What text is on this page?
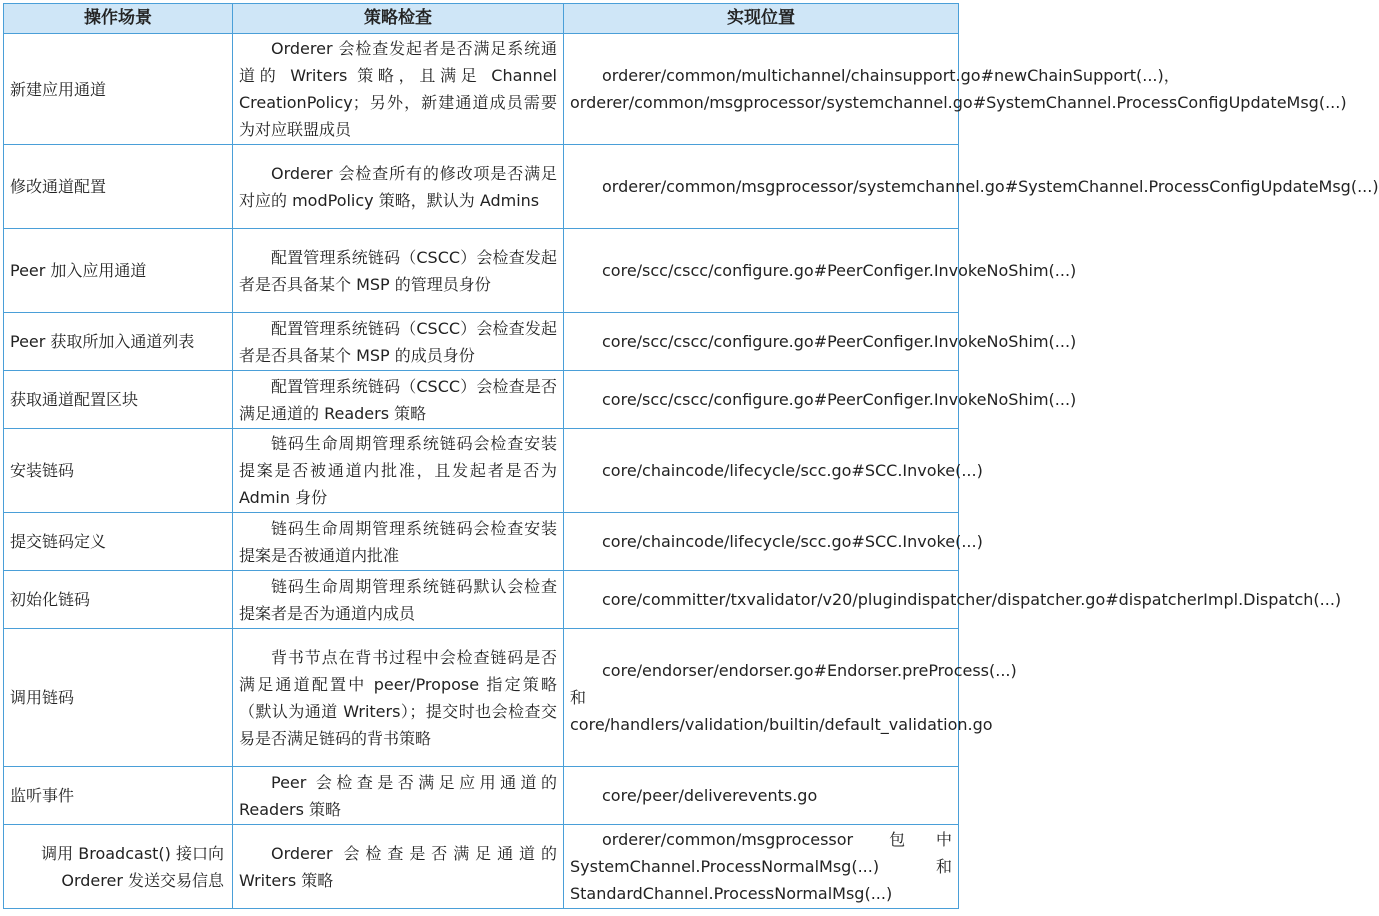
操作场景	策略检查	实现位置
新建应用通道	Orderer 会检查发起者是否满足系统通道的 Writers 策略，且满足 Channel CreationPolicy；另外，新建通道成员需要为对应联盟成员	orderer/common/multichannel/chainsupport.go#newChainSupport(...)，orderer/common/msgprocessor/systemchannel.go#SystemChannel.ProcessConfigUpdateMsg(...)
修改通道配置	Orderer 会检查所有的修改项是否满足对应的 modPolicy 策略，默认为 Admins	orderer/common/msgprocessor/systemchannel.go#SystemChannel.ProcessConfigUpdateMsg(...)
Peer 加入应用通道	配置管理系统链码（CSCC）会检查发起者是否具备某个 MSP 的管理员身份	core/scc/cscc/configure.go#PeerConfiger.InvokeNoShim(...)
Peer 获取所加入通道列表	配置管理系统链码（CSCC）会检查发起者是否具备某个 MSP 的成员身份	core/scc/cscc/configure.go#PeerConfiger.InvokeNoShim(...)
获取通道配置区块	配置管理系统链码（CSCC）会检查是否满足通道的 Readers 策略	core/scc/cscc/configure.go#PeerConfiger.InvokeNoShim(...)
安装链码	链码生命周期管理系统链码会检查安装提案是否被通道内批准，且发起者是否为 Admin 身份	core/chaincode/lifecycle/scc.go#SCC.Invoke(...)
提交链码定义	链码生命周期管理系统链码会检查安装提案是否被通道内批准	core/chaincode/lifecycle/scc.go#SCC.Invoke(...)
初始化链码	链码生命周期管理系统链码默认会检查提案者是否为通道内成员	core/committer/txvalidator/v20/plugindispatcher/dispatcher.go#dispatcherImpl.Dispatch(...)
调用链码	背书节点在背书过程中会检查链码是否满足通道配置中 peer/Propose 指定策略（默认为通道 Writers）；提交时也会检查交易是否满足链码的背书策略	core/endorser/endorser.go#Endorser.preProcess(...) 和 core/handlers/validation/builtin/default_validation.go
监听事件	Peer 会检查是否满足应用通道的 Readers 策略	core/peer/deliverevents.go
调用 Broadcast() 接口向 Orderer 发送交易信息	Orderer 会检查是否满足通道的 Writers 策略	orderer/common/msgprocessor 包中 SystemChannel.ProcessNormalMsg(...) 和 StandardChannel.ProcessNormalMsg(...)
